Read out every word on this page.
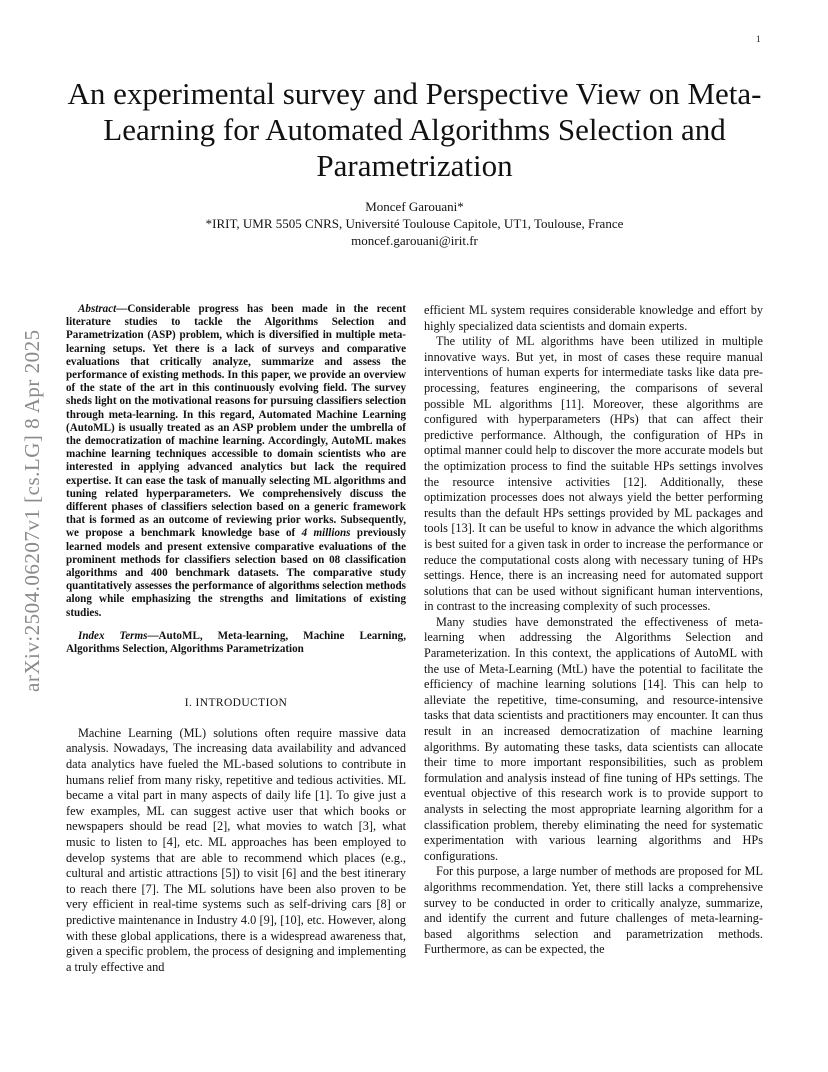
1
arXiv:2504.06207v1 [cs.LG] 8 Apr 2025
An experimental survey and Perspective View on Meta-Learning for Automated Algorithms Selection and Parametrization
Moncef Garouani*
*IRIT, UMR 5505 CNRS, Université Toulouse Capitole, UT1, Toulouse, France
moncef.garouani@irit.fr

Abstract—Considerable progress has been made in the recent literature studies to tackle the Algorithms Selection and Parametrization (ASP) problem, which is diversified in multiple meta-learning setups. Yet there is a lack of surveys and comparative evaluations that critically analyze, summarize and assess the performance of existing methods. In this paper, we provide an overview of the state of the art in this continuously evolving field. The survey sheds light on the motivational reasons for pursuing classifiers selection through meta-learning. In this regard, Automated Machine Learning (AutoML) is usually treated as an ASP problem under the umbrella of the democratization of machine learning. Accordingly, AutoML makes machine learning techniques accessible to domain scientists who are interested in applying advanced analytics but lack the required expertise. It can ease the task of manually selecting ML algorithms and tuning related hyperparameters. We comprehensively discuss the different phases of classifiers selection based on a generic framework that is formed as an outcome of reviewing prior works. Subsequently, we propose a benchmark knowledge base of 4 millions previously learned models and present extensive comparative evaluations of the prominent methods for classifiers selection based on 08 classification algorithms and 400 benchmark datasets. The comparative study quantitatively assesses the performance of algorithms selection methods along while emphasizing the strengths and limitations of existing studies.

Index Terms—AutoML, Meta-learning, Machine Learning, Algorithms Selection, Algorithms Parametrization

I. INTRODUCTION

Machine Learning (ML) solutions often require massive data analysis. Nowadays, The increasing data availability and advanced data analytics have fueled the ML-based solutions to contribute in humans relief from many risky, repetitive and tedious activities. ML became a vital part in many aspects of daily life [1]. To give just a few examples, ML can suggest active user that which books or newspapers should be read [2], what movies to watch [3], what music to listen to [4], etc. ML approaches has been employed to develop systems that are able to recommend which places (e.g., cultural and artistic attractions [5]) to visit [6] and the best itinerary to reach there [7]. The ML solutions have been also proven to be very efficient in real-time systems such as self-driving cars [8] or predictive maintenance in Industry 4.0 [9], [10], etc. However, along with these global applications, there is a widespread awareness that, given a specific problem, the process of designing and implementing a truly effective and

efficient ML system requires considerable knowledge and effort by highly specialized data scientists and domain experts.

The utility of ML algorithms have been utilized in multiple innovative ways. But yet, in most of cases these require manual interventions of human experts for intermediate tasks like data pre-processing, features engineering, the comparisons of several possible ML algorithms [11]. Moreover, these algorithms are configured with hyperparameters (HPs) that can affect their predictive performance. Although, the configuration of HPs in optimal manner could help to discover the more accurate models but the optimization process to find the suitable HPs settings involves the resource intensive activities [12]. Additionally, these optimization processes does not always yield the better performing results than the default HPs settings provided by ML packages and tools [13]. It can be useful to know in advance the which algorithms is best suited for a given task in order to increase the performance or reduce the computational costs along with necessary tuning of HPs settings. Hence, there is an increasing need for automated support solutions that can be used without significant human interventions, in contrast to the increasing complexity of such processes.

Many studies have demonstrated the effectiveness of meta-learning when addressing the Algorithms Selection and Parameterization. In this context, the applications of AutoML with the use of Meta-Learning (MtL) have the potential to facilitate the efficiency of machine learning solutions [14]. This can help to alleviate the repetitive, time-consuming, and resource-intensive tasks that data scientists and practitioners may encounter. It can thus result in an increased democratization of machine learning algorithms. By automating these tasks, data scientists can allocate their time to more important responsibilities, such as problem formulation and analysis instead of fine tuning of HPs settings. The eventual objective of this research work is to provide support to analysts in selecting the most appropriate learning algorithm for a classification problem, thereby eliminating the need for systematic experimentation with various learning algorithms and HPs configurations.

For this purpose, a large number of methods are proposed for ML algorithms recommendation. Yet, there still lacks a comprehensive survey to be conducted in order to critically analyze, summarize, and identify the current and future challenges of meta-learning-based algorithms selection and parametrization methods. Furthermore, as can be expected, the
